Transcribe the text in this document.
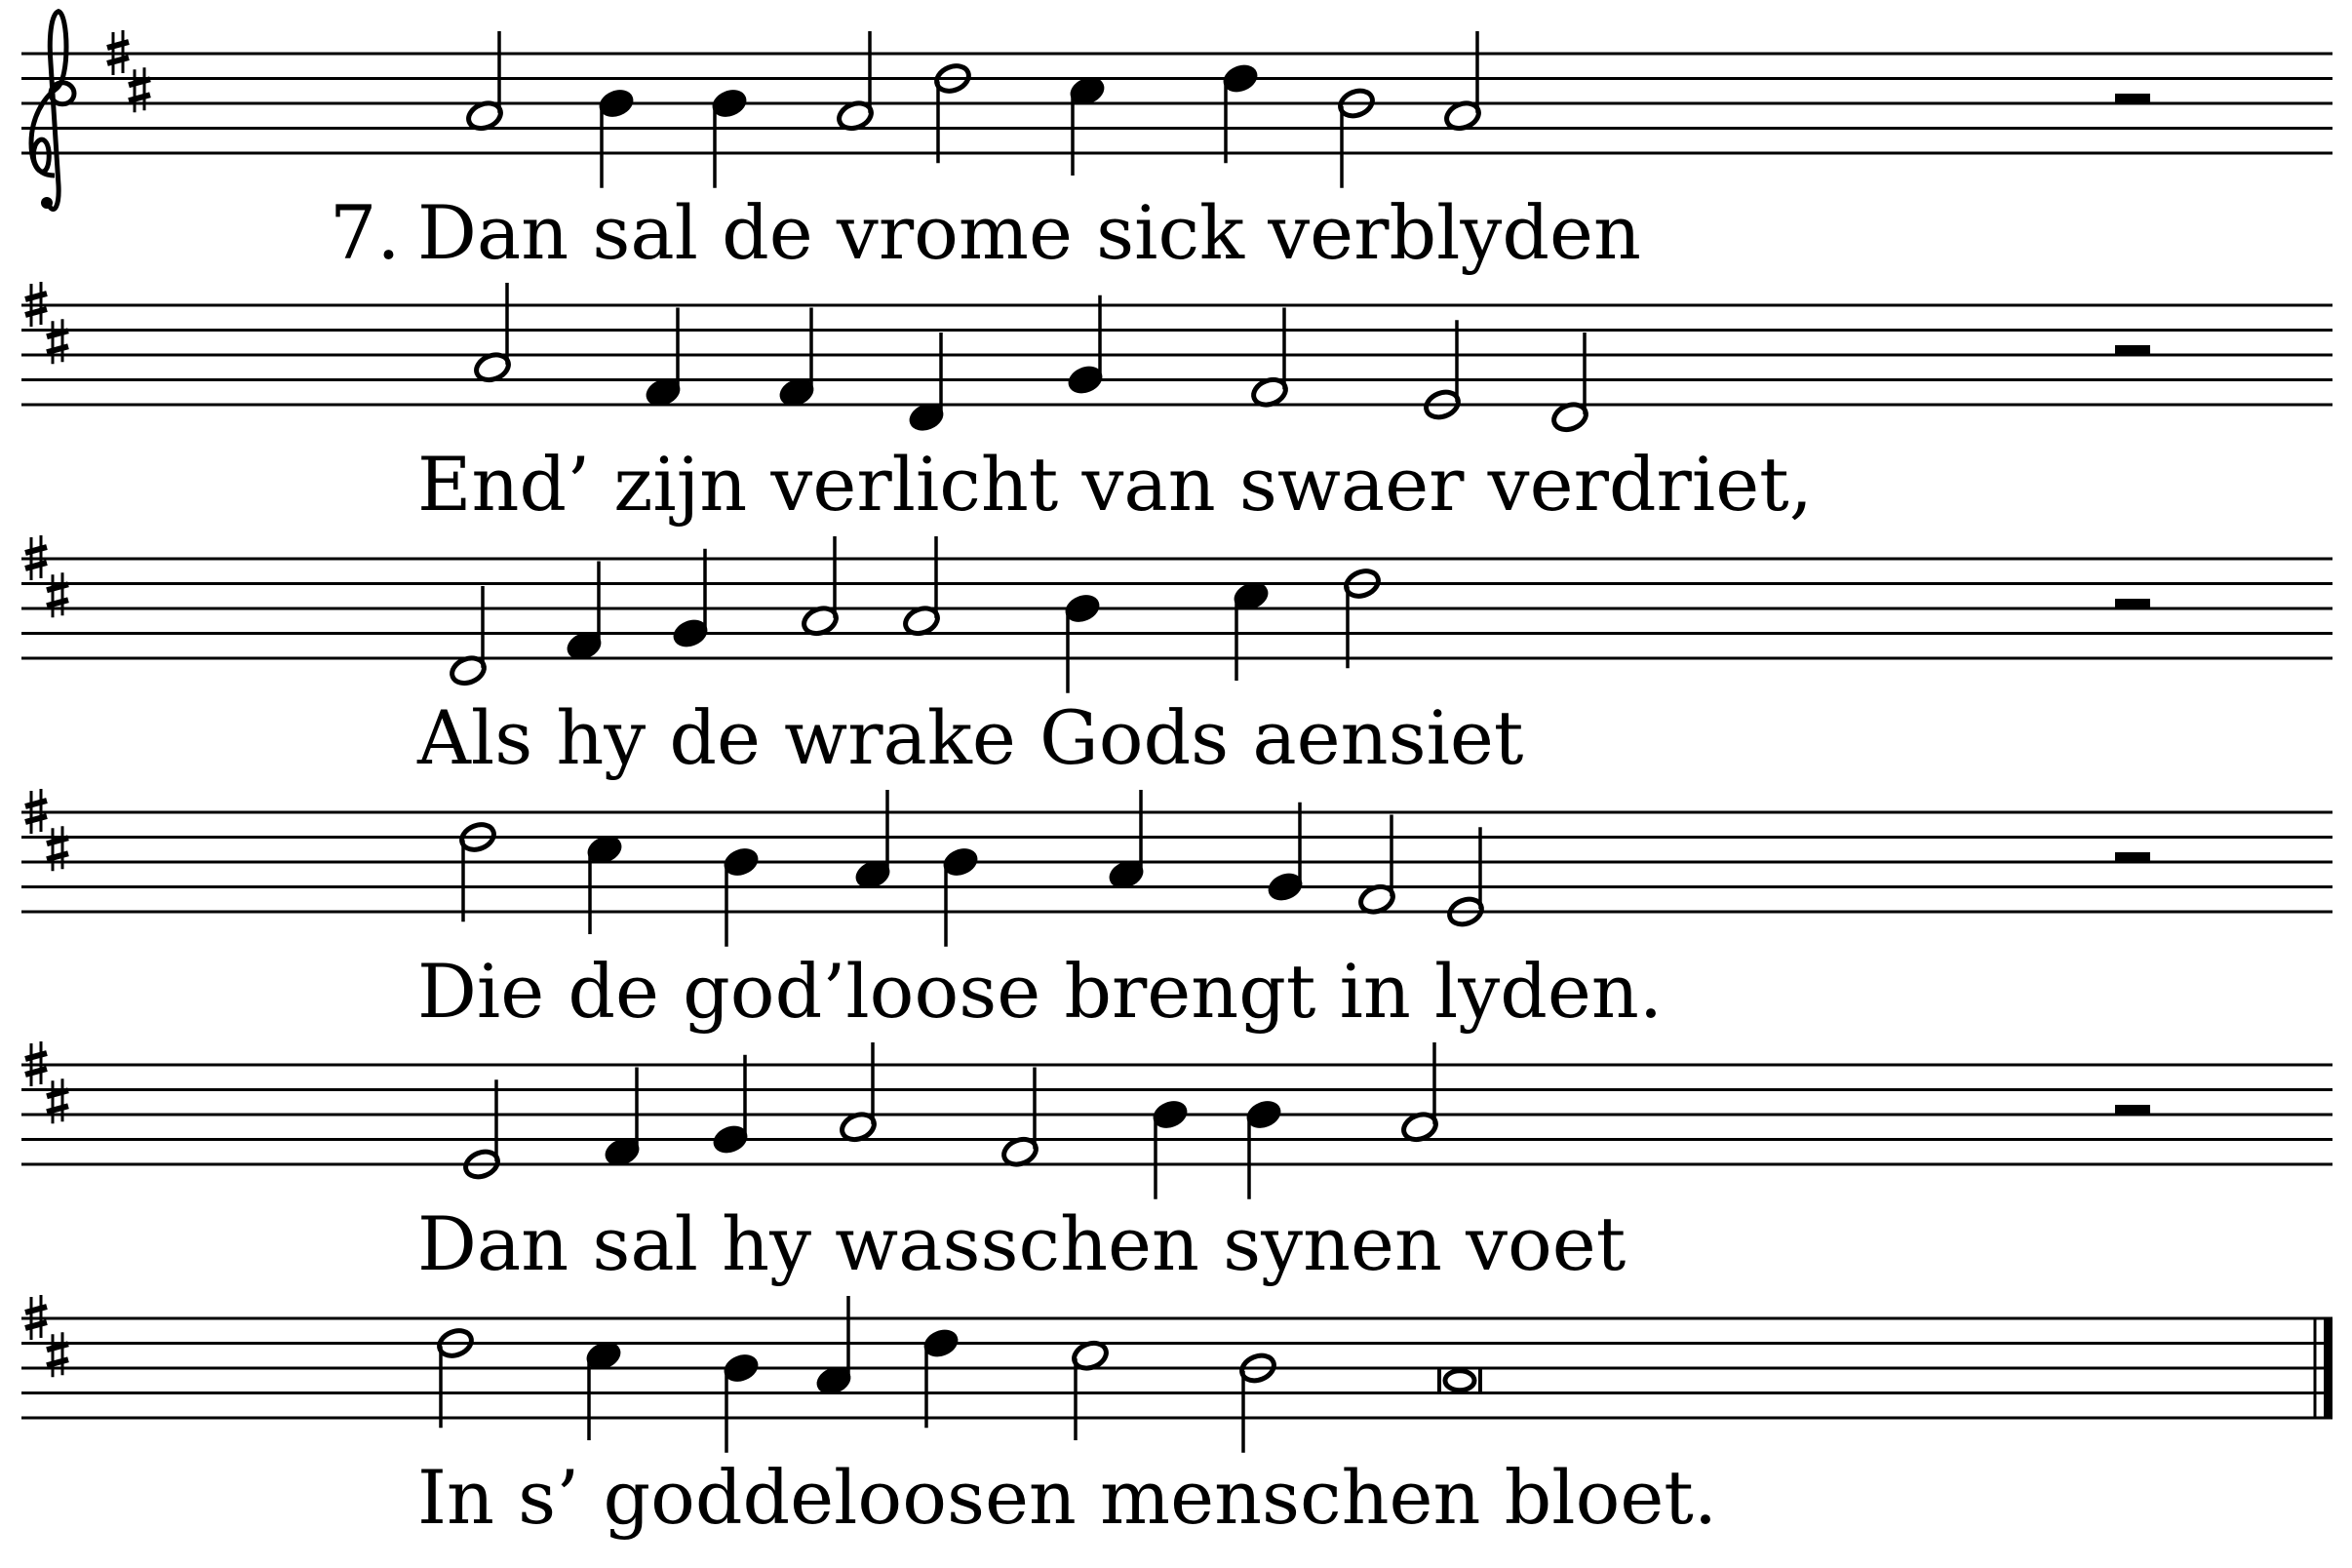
7. Dan sal de vrome sick verblyden
End’ zijn verlicht van swaer verdriet,
Als hy de wrake Gods aensiet
Die de god’loose brengt in lyden.
Dan sal hy wasschen synen voet
In s’ goddeloosen menschen bloet.
